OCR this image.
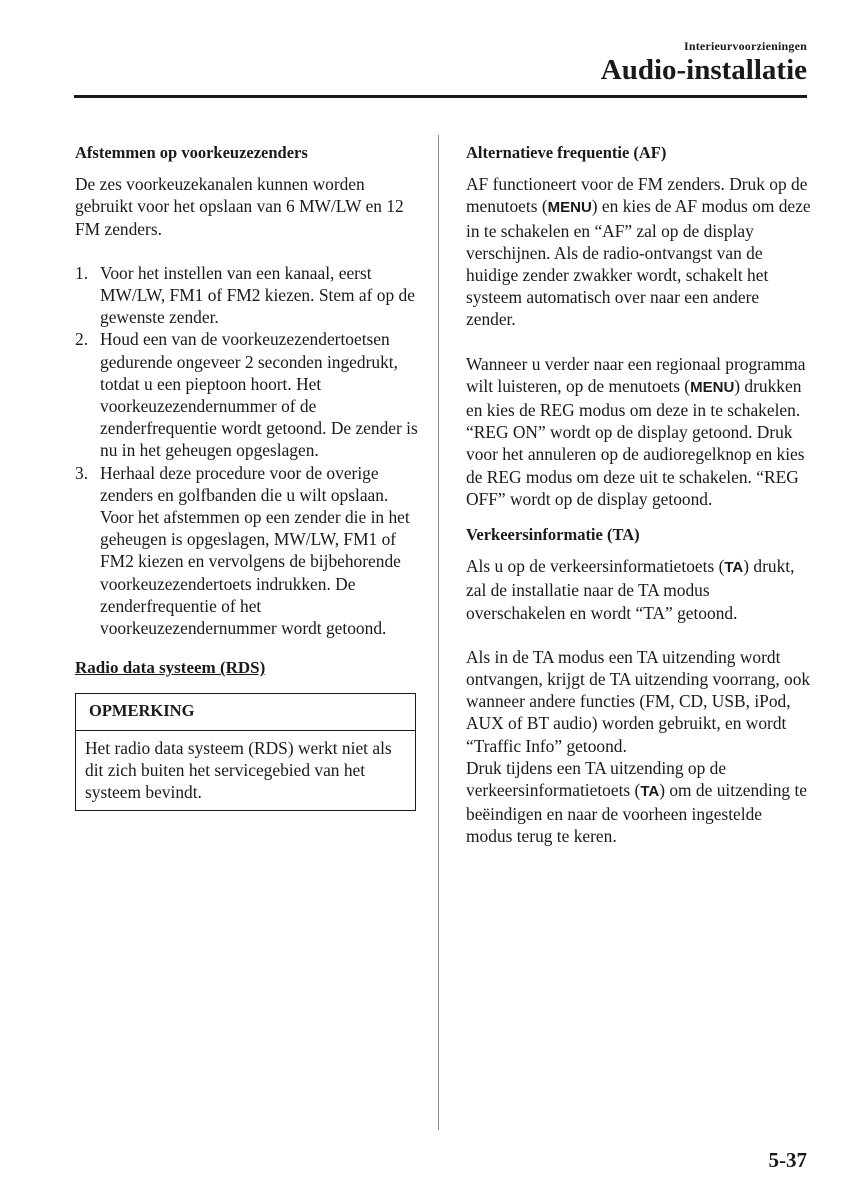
Interieurvoorzieningen
Audio-installatie
Afstemmen op voorkeuzezenders
De zes voorkeuzekanalen kunnen worden gebruikt voor het opslaan van 6 MW/LW en 12 FM zenders.
1. Voor het instellen van een kanaal, eerst MW/LW, FM1 of FM2 kiezen. Stem af op de gewenste zender.
2. Houd een van de voorkeuzezendertoetsen gedurende ongeveer 2 seconden ingedrukt, totdat u een pieptoon hoort. Het voorkeuzezendernummer of de zenderfrequentie wordt getoond. De zender is nu in het geheugen opgeslagen.
3. Herhaal deze procedure voor de overige zenders en golfbanden die u wilt opslaan. Voor het afstemmen op een zender die in het geheugen is opgeslagen, MW/LW, FM1 of FM2 kiezen en vervolgens de bijbehorende voorkeuzezendertoets indrukken. De zenderfrequentie of het voorkeuzezendernummer wordt getoond.
Radio data systeem (RDS)
OPMERKING
Het radio data systeem (RDS) werkt niet als dit zich buiten het servicegebied van het systeem bevindt.
Alternatieve frequentie (AF)
AF functioneert voor de FM zenders. Druk op de menutoets (MENU) en kies de AF modus om deze in te schakelen en “AF” zal op de display verschijnen. Als de radio-ontvangst van de huidige zender zwakker wordt, schakelt het systeem automatisch over naar een andere zender.
Wanneer u verder naar een regionaal programma wilt luisteren, op de menutoets (MENU) drukken en kies de REG modus om deze in te schakelen. “REG ON” wordt op de display getoond. Druk voor het annuleren op de audioregelknop en kies de REG modus om deze uit te schakelen. “REG OFF” wordt op de display getoond.
Verkeersinformatie (TA)
Als u op de verkeersinformatietoets (TA) drukt, zal de installatie naar de TA modus overschakelen en wordt “TA” getoond.
Als in de TA modus een TA uitzending wordt ontvangen, krijgt de TA uitzending voorrang, ook wanneer andere functies (FM, CD, USB, iPod, AUX of BT audio) worden gebruikt, en wordt “Traffic Info” getoond.
Druk tijdens een TA uitzending op de verkeersinformatietoets (TA) om de uitzending te beëindigen en naar de voorheen ingestelde modus terug te keren.
5-37
